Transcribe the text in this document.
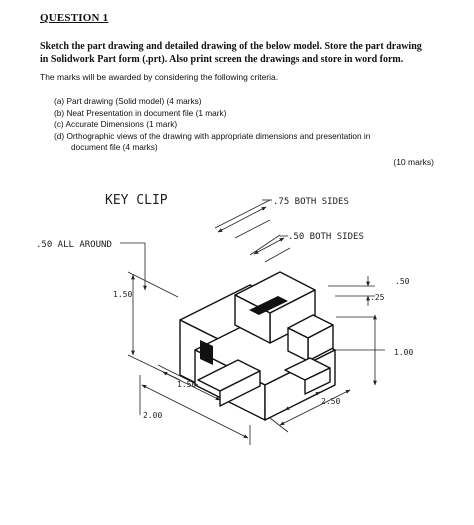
QUESTION 1
Sketch the part drawing and detailed drawing of the below model. Store the part drawing
in Solidwork Part form (.prt). Also print screen the drawings and store in word form.
The marks will be awarded by considering the following criteria.
(a) Part drawing (Solid model) (4 marks)
(b) Neat Presentation in document file (1 mark)
(c) Accurate Dimensions (1 mark)
(d) Orthographic views of the drawing with appropriate dimensions and presentation in
document file (4 marks)
(10 marks)
KEY CLIP	.75 BOTH SIDES
.50 BOTH SIDES
.50 ALL AROUND
1.50
.50
.25
1.00
1.50
2.00
2.50
